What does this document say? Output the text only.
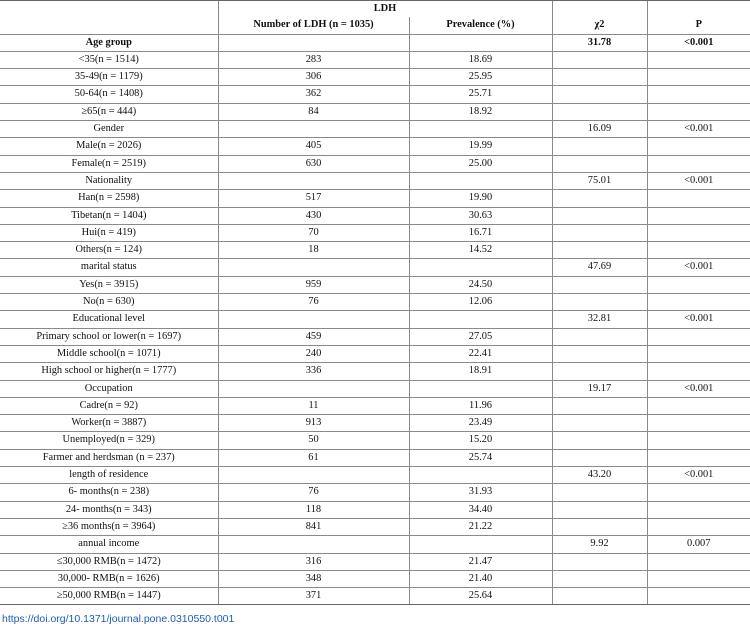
	LDH			
	Number of LDH (n = 1035)	Prevalence (%)	χ2	P
Age group			31.78	<0.001
<35(n = 1514)	283	18.69		
35-49(n = 1179)	306	25.95		
50-64(n = 1408)	362	25.71		
≥65(n = 444)	84	18.92		
Gender			16.09	<0.001
Male(n = 2026)	405	19.99		
Female(n = 2519)	630	25.00		
Nationality			75.01	<0.001
Han(n = 2598)	517	19.90		
Tibetan(n = 1404)	430	30.63		
Hui(n = 419)	70	16.71		
Others(n = 124)	18	14.52		
marital status			47.69	<0.001
Yes(n = 3915)	959	24.50		
No(n = 630)	76	12.06		
Educational level			32.81	<0.001
Primary school or lower(n = 1697)	459	27.05		
Middle school(n = 1071)	240	22.41		
High school or higher(n = 1777)	336	18.91		
Occupation			19.17	<0.001
Cadre(n = 92)	11	11.96		
Worker(n = 3887)	913	23.49		
Unemployed(n = 329)	50	15.20		
Farmer and herdsman (n = 237)	61	25.74		
length of residence			43.20	<0.001
6- months(n = 238)	76	31.93		
24- months(n = 343)	118	34.40		
≥36 months(n = 3964)	841	21.22		
annual income			9.92	0.007
≤30,000 RMB(n = 1472)	316	21.47		
30,000- RMB(n = 1626)	348	21.40		
≥50,000 RMB(n = 1447)	371	25.64		
https://doi.org/10.1371/journal.pone.0310550.t001
